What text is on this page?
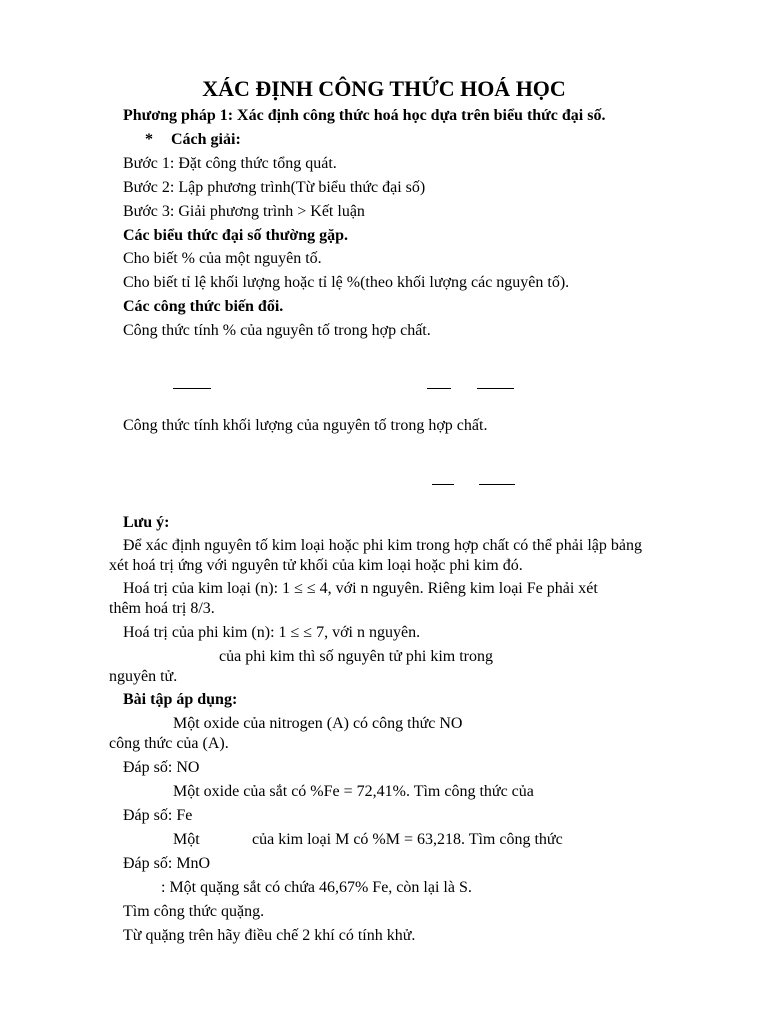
XÁC ĐỊNH CÔNG THỨC HOÁ HỌC
Phương pháp 1: Xác định công thức hoá học dựa trên biểu thức đại số.
* Cách giải:
Bước 1: Đặt công thức tổng quát.
Bước 2: Lập phương trình(Từ biểu thức đại số)
Bước 3: Giải phương trình > Kết luận
Các biểu thức đại số thường gặp.
Cho biết % của một nguyên tố.
Cho biết tỉ lệ khối lượng hoặc tỉ lệ %(theo khối lượng các nguyên tố).
Các công thức biến đổi.
Công thức tính % của nguyên tố trong hợp chất.
Công thức tính khối lượng của nguyên tố trong hợp chất.
Lưu ý:
Để xác định nguyên tố kim loại hoặc phi kim trong hợp chất có thể phải lập bảng
xét hoá trị ứng với nguyên tử khối của kim loại hoặc phi kim đó.
Hoá trị của kim loại (n): 1 ≤ ≤ 4, với n nguyên. Riêng kim loại Fe phải xét
thêm hoá trị 8/3.
Hoá trị của phi kim (n): 1 ≤ ≤ 7, với n nguyên.
của phi kim thì số nguyên tử phi kim trong
nguyên tử.
Bài tập áp dụng:
Một oxide của nitrogen (A) có công thức NO
công thức của (A).
Đáp số: NO
Một oxide của sắt có %Fe = 72,41%. Tìm công thức của
Đáp số: Fe
Một	của kim loại M có %M = 63,218. Tìm công thức
Đáp số: MnO
: Một quặng sắt có chứa 46,67% Fe, còn lại là S.
Tìm công thức quặng.
Từ quặng trên hãy điều chế 2 khí có tính khử.
